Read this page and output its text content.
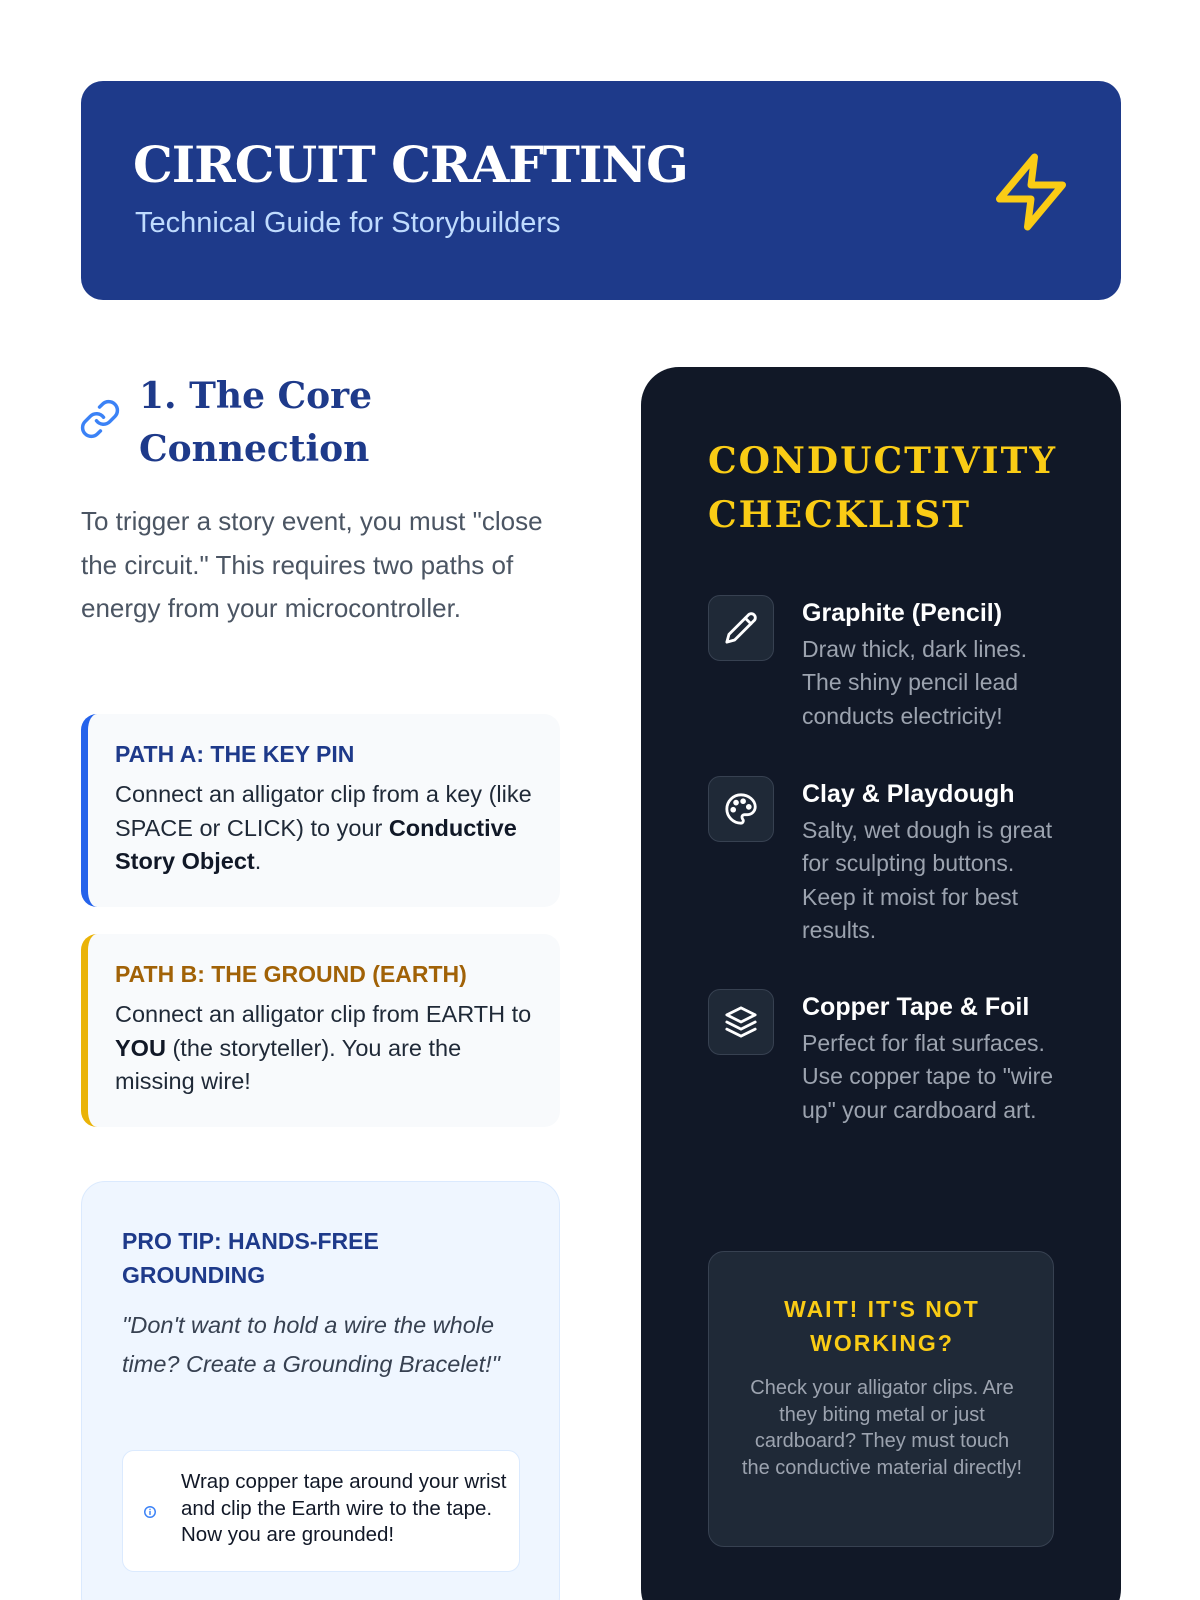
CIRCUIT CRAFTING
Technical Guide for Storybuilders
1. The Core Connection

To trigger a story event, you must "close the circuit." This requires two paths of energy from your microcontroller.

PATH A: THE KEY PIN

Connect an alligator clip from a key (like SPACE or CLICK) to your Conductive Story Object.

PATH B: THE GROUND (EARTH)

Connect an alligator clip from EARTH to YOU (the storyteller). You are the missing wire!

PRO TIP: HANDS-FREE GROUNDING

"Don't want to hold a wire the whole time? Create a Grounding Bracelet!"

Wrap copper tape around your wrist and clip the Earth wire to the tape. Now you are grounded!

CONDUCTIVITY CHECKLIST
Graphite (Pencil)

Draw thick, dark lines. The shiny pencil lead conducts electricity!

Clay & Playdough

Salty, wet dough is great for sculpting buttons. Keep it moist for best results.

Copper Tape & Foil

Perfect for flat surfaces. Use copper tape to "wire up" your cardboard art.

WAIT! IT'S NOT WORKING?

Check your alligator clips. Are they biting metal or just cardboard? They must touch the conductive material directly!
